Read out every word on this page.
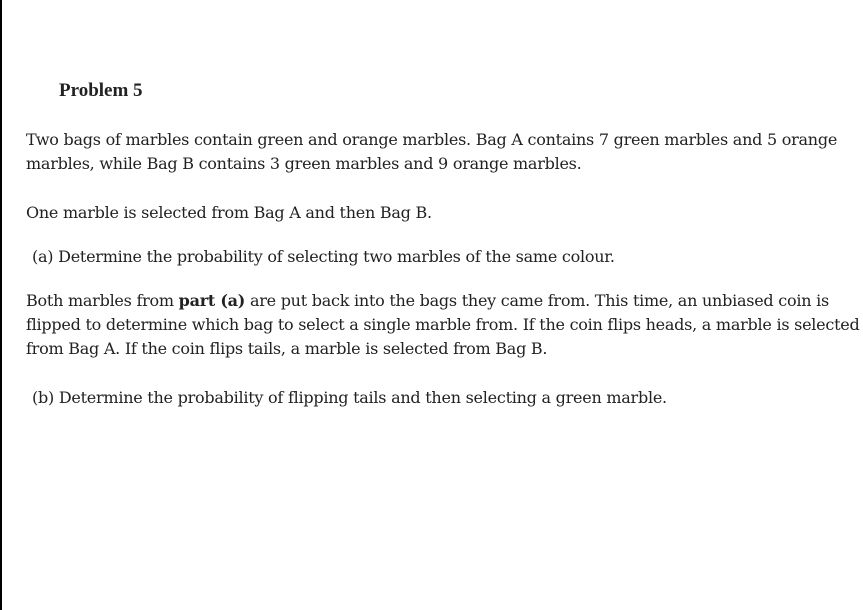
Problem 5

Two bags of marbles contain green and orange marbles. Bag A contains 7 green marbles and 5 orange
marbles, while Bag B contains 3 green marbles and 9 orange marbles.

One marble is selected from Bag A and then Bag B.

(a) Determine the probability of selecting two marbles of the same colour.

Both marbles from part (a) are put back into the bags they came from. This time, an unbiased coin is
flipped to determine which bag to select a single marble from. If the coin flips heads, a marble is selected
from Bag A. If the coin flips tails, a marble is selected from Bag B.

(b) Determine the probability of flipping tails and then selecting a green marble.
